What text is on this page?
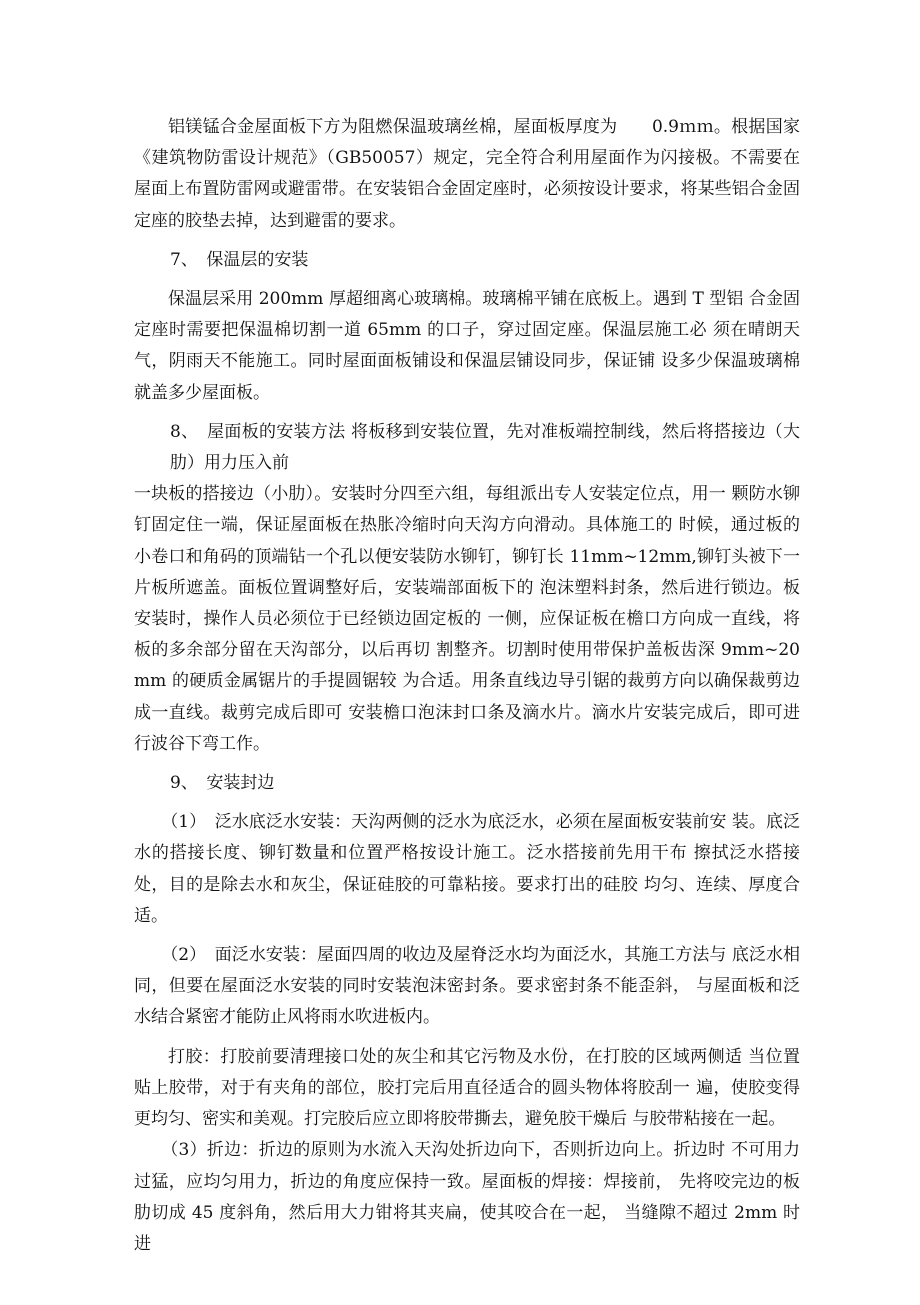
铝镁锰合金屋面板下方为阻燃保温玻璃丝棉，屋面板厚度为　　0.9ｍｍ。根据国家《建筑物防雷设计规范》（GB50057）规定，完全符合利用屋面作为闪接极。不需要在屋面上布置防雷网或避雷带。在安装铝合金固定座时，必须按设计要求，将某些铝合金固定座的胶垫去掉，达到避雷的要求。

7、　保温层的安装

保温层采用 200mm 厚超细离心玻璃棉。玻璃棉平铺在底板上。遇到 T 型铝 合金固定座时需要把保温棉切割一道 65mm 的口子，穿过固定座。保温层施工必 须在晴朗天气，阴雨天不能施工。同时屋面面板铺设和保温层铺设同步，保证铺 设多少保温玻璃棉就盖多少屋面板。

8、　屋面板的安装方法 将板移到安装位置，先对准板端控制线，然后将搭接边（大肋）用力压入前

一块板的搭接边（小肋）。安装时分四至六组，每组派出专人安装定位点，用一 颗防水铆钉固定住一端，保证屋面板在热胀冷缩时向天沟方向滑动。具体施工的 时候，通过板的小卷口和角码的顶端钻一个孔以便安装防水铆钉，铆钉长 11mm~12mm,铆钉头被下一片板所遮盖。面板位置调整好后，安装端部面板下的 泡沫塑料封条，然后进行锁边。板安装时，操作人员必须位于已经锁边固定板的 一侧，应保证板在檐口方向成一直线，将板的多余部分留在天沟部分，以后再切 割整齐。切割时使用带保护盖板齿深 9mm~20mm 的硬质金属锯片的手提圆锯较 为合适。用条直线边导引锯的裁剪方向以确保裁剪边成一直线。裁剪完成后即可 安装檐口泡沫封口条及滴水片。滴水片安装完成后，即可进行波谷下弯工作。

9、　安装封边

（1）　泛水底泛水安装：天沟两侧的泛水为底泛水，必须在屋面板安装前安 装。底泛水的搭接长度、铆钉数量和位置严格按设计施工。泛水搭接前先用干布 擦拭泛水搭接处，目的是除去水和灰尘，保证硅胶的可靠粘接。要求打出的硅胶 均匀、连续、厚度合适。

（2）　面泛水安装：屋面四周的收边及屋脊泛水均为面泛水，其施工方法与 底泛水相同，但要在屋面泛水安装的同时安装泡沫密封条。要求密封条不能歪斜， 与屋面板和泛水结合紧密才能防止风将雨水吹进板内。

打胶：打胶前要清理接口处的灰尘和其它污物及水份，在打胶的区域两侧适 当位置贴上胶带，对于有夹角的部位，胶打完后用直径适合的圆头物体将胶刮一 遍，使胶变得更均匀、密实和美观。打完胶后应立即将胶带撕去，避免胶干燥后 与胶带粘接在一起。

（3）折边：折边的原则为水流入天沟处折边向下，否则折边向上。折边时 不可用力过猛，应均匀用力，折边的角度应保持一致。屋面板的焊接：焊接前， 先将咬完边的板肋切成 45 度斜角，然后用大力钳将其夹扁，使其咬合在一起， 当缝隙不超过 2mm 时进
